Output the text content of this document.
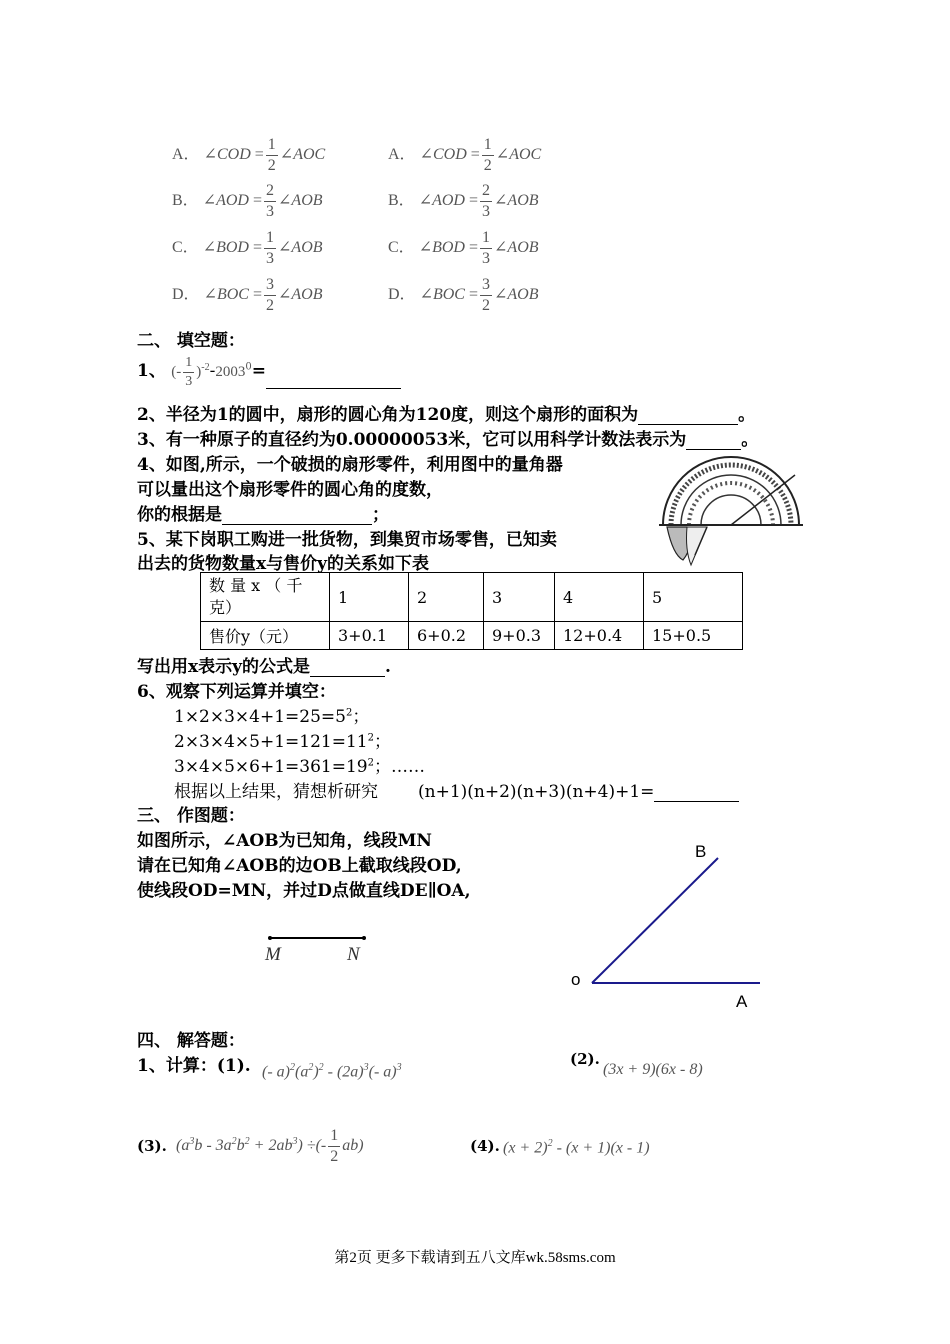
A． ∠COD = $\frac{1}{2}$ ∠AOC	A． ∠COD = $\frac{1}{2}$ ∠AOC
B． ∠AOD = $\frac{2}{3}$ ∠AOB	B． ∠AOD = $\frac{2}{3}$ ∠AOB
C． ∠BOD = $\frac{1}{3}$ ∠AOB	C． ∠BOD = $\frac{1}{3}$ ∠AOB
D． ∠BOC = $\frac{3}{2}$ ∠AOB	D． ∠BOC = $\frac{3}{2}$ ∠AOB
二、 填空题：
1、 (- $\frac{1}{3} )^{-2}-2003^0=$
2、半径为1的圆中，扇形的圆心角为120度，则这个扇形的面积为	。
3、有一种原子的直径约为0.00000053米，它可以用科学计数法表示为	。
4、如图,所示，一个破损的扇形零件，利用图中的量角器
可以量出这个扇形零件的圆心角的度数，
你的根据是	；
5、某下岗职工购进一批货物，到集贸市场零售，已知卖
出去的货物数量x与售价y的关系如下表
数 量 x （ 千 克）	1	2	3	4	5
售价y（元）	3+0.1	6+0.2	9+0.3	12+0.4	15+0.5
写出用x表示y的公式是	.
6、观察下列运算并填空：
$1\times 2\times 3\times 4+1=25=5^2$；
$2\times 3\times 4\times 5+1=121=11^2$；
$3\times 4\times 5\times 6+1=361=19^2$；……
根据以上结果，猜想析研究 (n+1)(n+2)(n+3)(n+4)+1=
三、 作图题：
如图所示，∠AOB为已知角，线段MN
请在已知角∠AOB的边OB上截取线段OD,
使线段OD=MN，并过D点做直线DE∥OA,
M	N
B
o
A
四、 解答题：
1、计算：(1). (- $a)^2(a^2)^2 - (2a)^3(-$ a)$^3$	(2).
(3x + 9)(6x - 8)
(3). $(a^3b - 3a^2b^2 + 2ab^3)$ ÷(- $\frac{1}{2} ab$)	(4). $(x + 2)^2 - (x + 1)(x - 1)$
第2页 更多下载请到五八文库wk.58sms.com
